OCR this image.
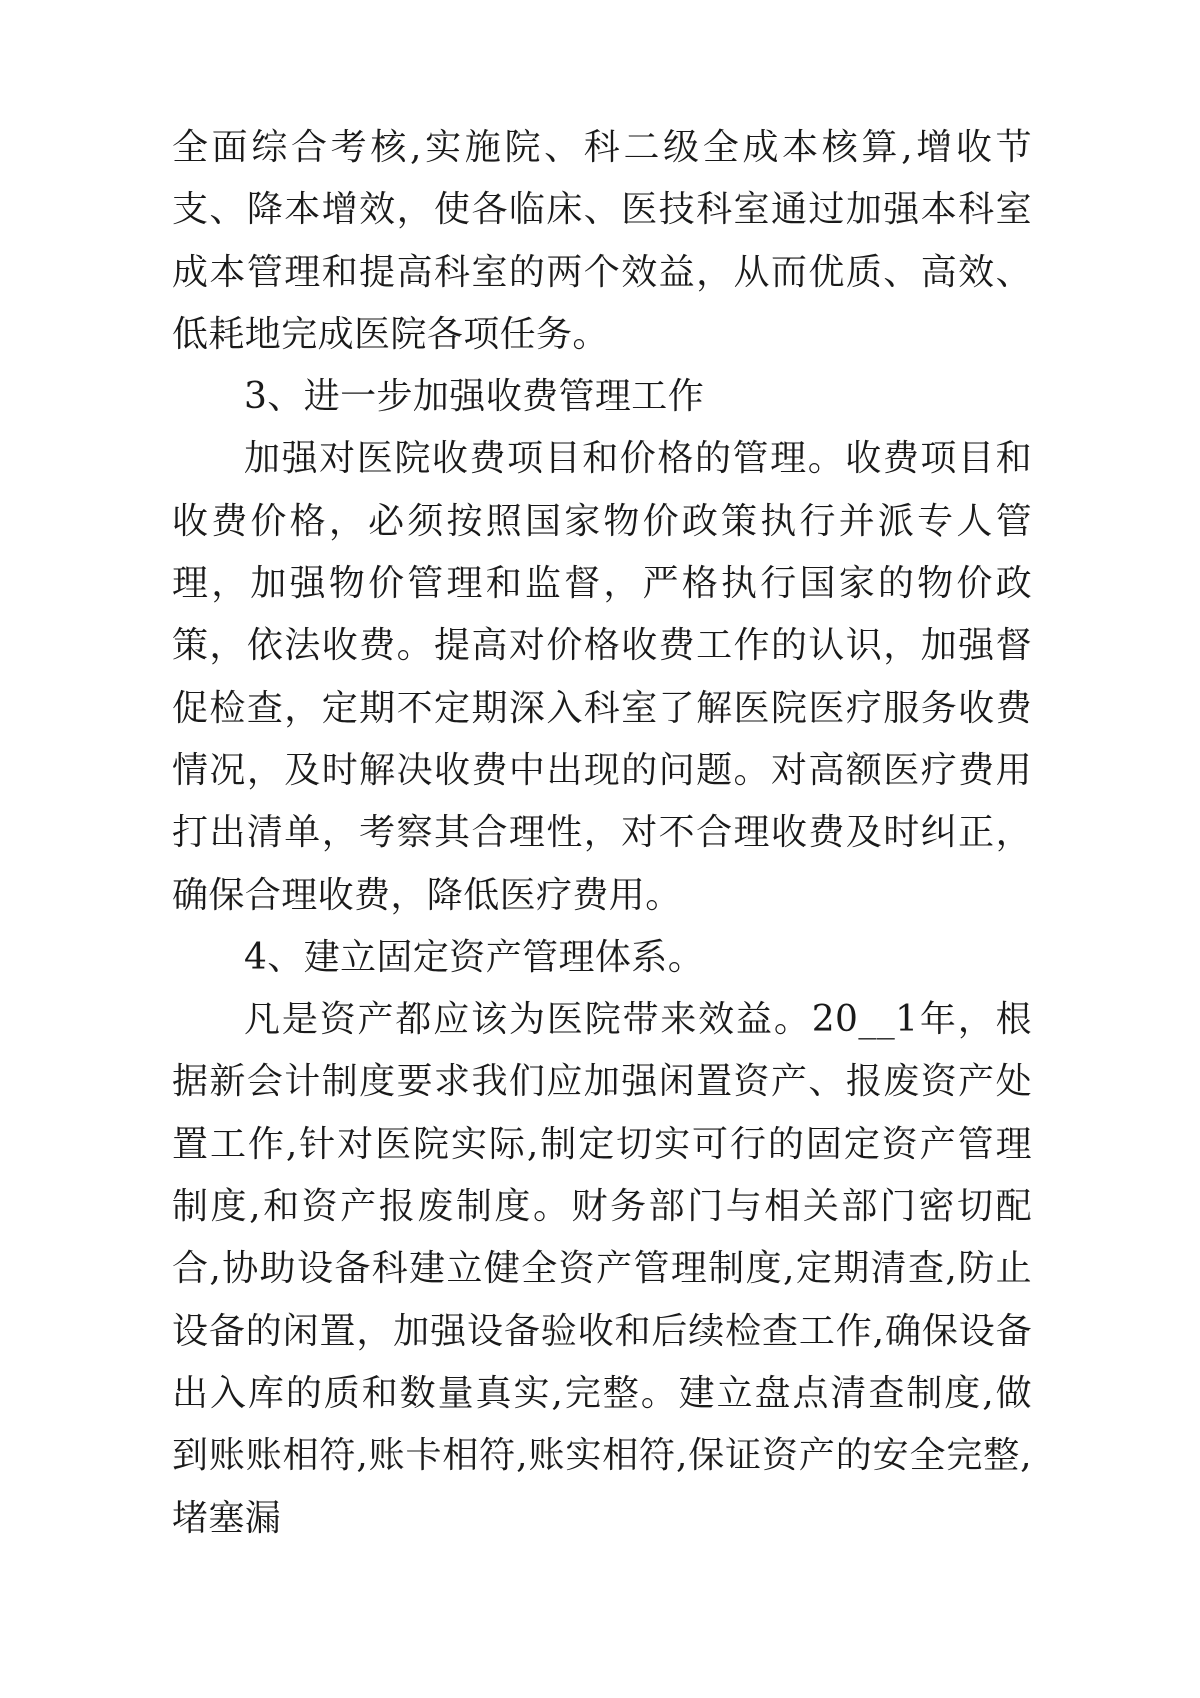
全面综合考核,实施院、科二级全成本核算,增收节支、降本增效，使各临床、医技科室通过加强本科室成本管理和提高科室的两个效益，从而优质、高效、低耗地完成医院各项任务。

3、进一步加强收费管理工作

加强对医院收费项目和价格的管理。收费项目和收费价格，必须按照国家物价政策执行并派专人管理，加强物价管理和监督，严格执行国家的物价政策，依法收费。提高对价格收费工作的认识，加强督促检查，定期不定期深入科室了解医院医疗服务收费情况，及时解决收费中出现的问题。对高额医疗费用打出清单，考察其合理性，对不合理收费及时纠正，确保合理收费，降低医疗费用。

4、建立固定资产管理体系。

凡是资产都应该为医院带来效益。20__1年，根据新会计制度要求我们应加强闲置资产、报废资产处置工作,针对医院实际,制定切实可行的固定资产管理制度,和资产报废制度。财务部门与相关部门密切配合,协助设备科建立健全资产管理制度,定期清查,防止设备的闲置，加强设备验收和后续检查工作,确保设备出入库的质和数量真实,完整。建立盘点清查制度,做到账账相符,账卡相符,账实相符,保证资产的安全完整,堵塞漏
